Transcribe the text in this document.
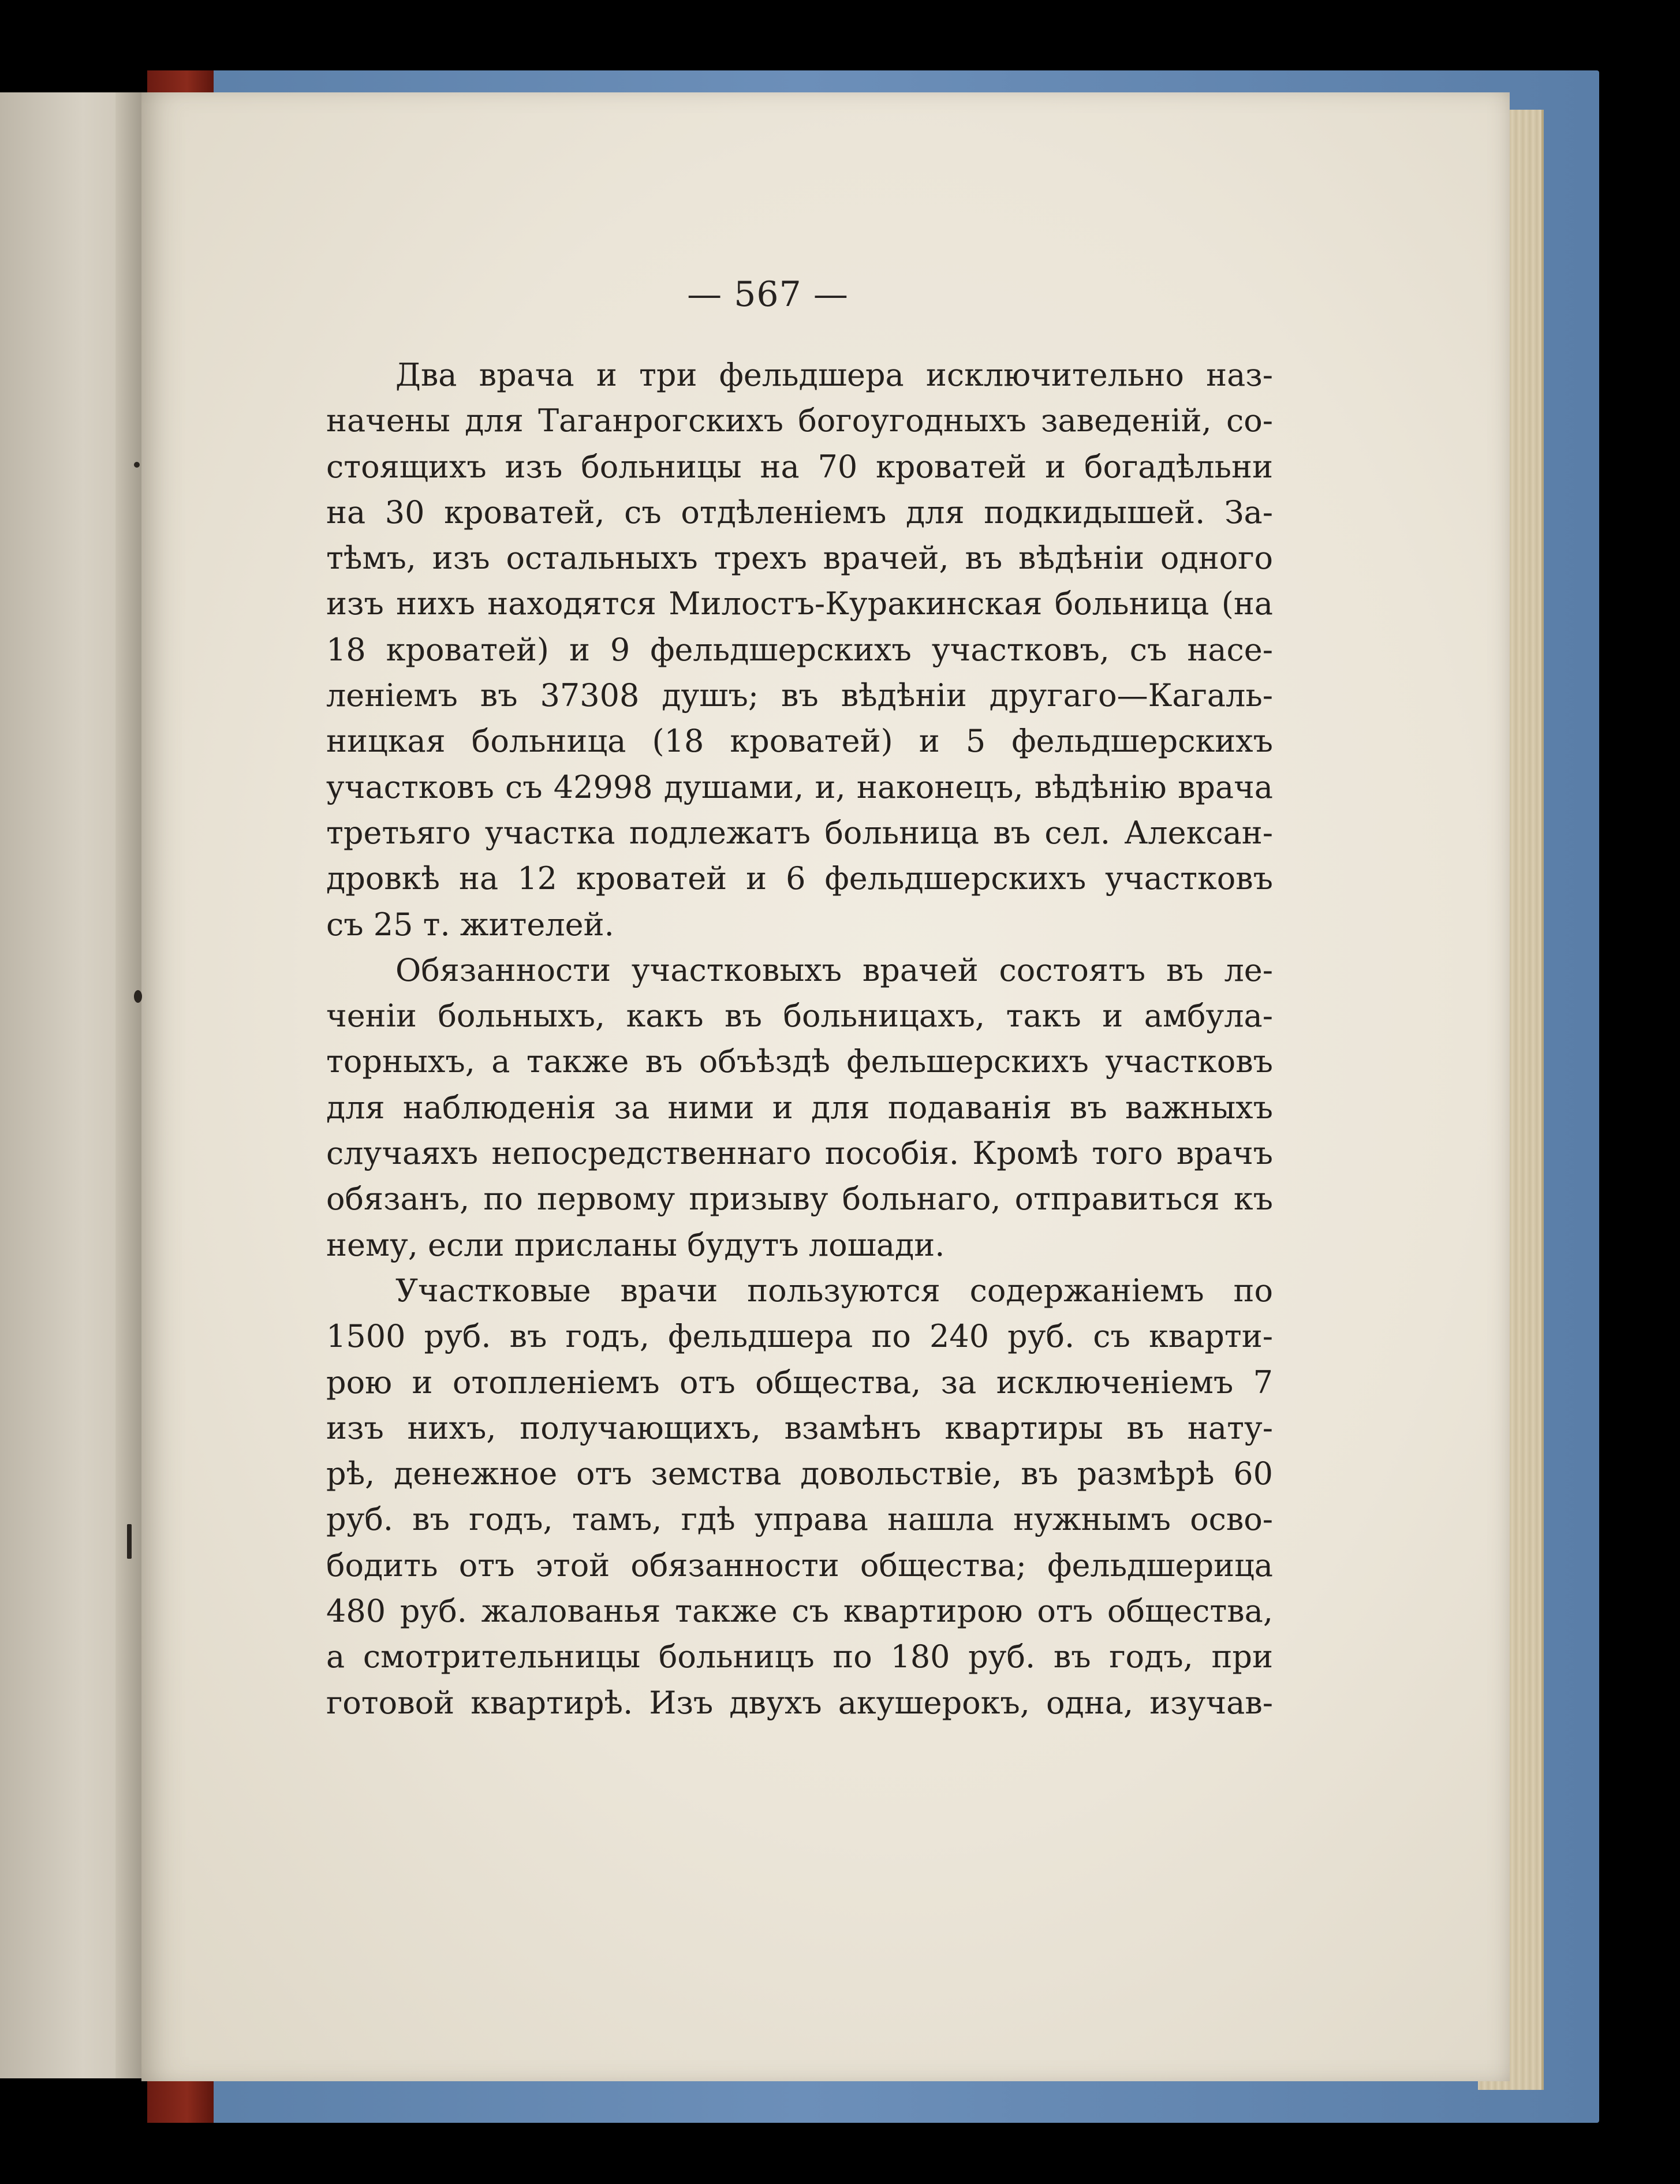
— 567 —
Два врача и три фельдшера исключительно наз-
начены для Таганрогскихъ богоугодныхъ заведеній, со-
стоящихъ изъ больницы на 70 кроватей и богадѣльни
на 30 кроватей, съ отдѣленіемъ для подкидышей. За-
тѣмъ, изъ остальныхъ трехъ врачей, въ вѣдѣніи одного
изъ нихъ находятся Милостъ-Куракинская больница (на
18 кроватей) и 9 фельдшерскихъ участковъ, съ насе-
леніемъ въ 37308 душъ; въ вѣдѣніи другаго—Кагаль-
ницкая больница (18 кроватей) и 5 фельдшерскихъ
участковъ съ 42998 душами, и, наконецъ, вѣдѣнію врача
третьяго участка подлежатъ больница въ сел. Алексан-
дровкѣ на 12 кроватей и 6 фельдшерскихъ участковъ
съ 25 т. жителей.
Обязанности участковыхъ врачей состоятъ въ ле-
ченіи больныхъ, какъ въ больницахъ, такъ и амбула-
торныхъ, а также въ объѣздѣ фельшерскихъ участковъ
для наблюденія за ними и для подаванія въ важныхъ
случаяхъ непосредственнаго пособія. Кромѣ того врачъ
обязанъ, по первому призыву больнаго, отправиться къ
нему, если присланы будутъ лошади.
Участковые врачи пользуются содержаніемъ по
1500 руб. въ годъ, фельдшера по 240 руб. съ кварти-
рою и отопленіемъ отъ общества, за исключеніемъ 7
изъ нихъ, получающихъ, взамѣнъ квартиры въ нату-
рѣ, денежное отъ земства довольствіе, въ размѣрѣ 60
руб. въ годъ, тамъ, гдѣ управа нашла нужнымъ осво-
бодить отъ этой обязанности общества; фельдшерица
480 руб. жалованья также съ квартирою отъ общества,
а смотрительницы больницъ по 180 руб. въ годъ, при
готовой квартирѣ. Изъ двухъ акушерокъ, одна, изучав-
